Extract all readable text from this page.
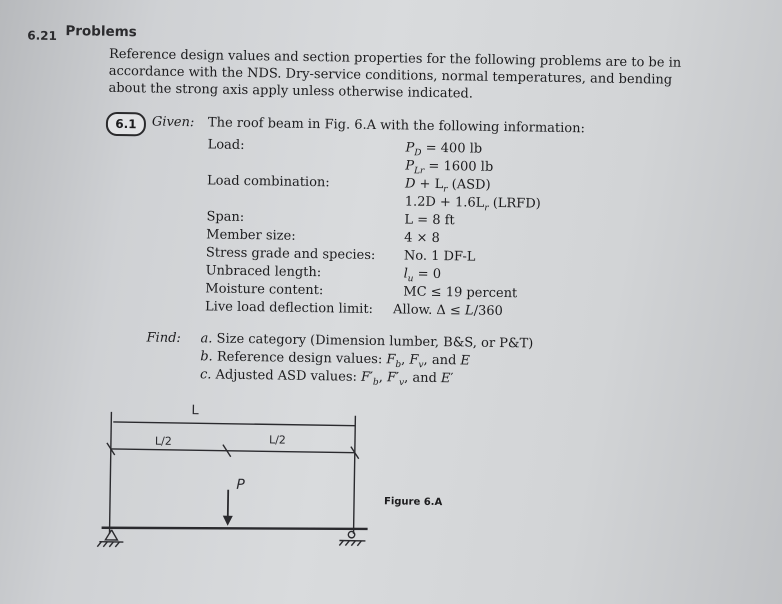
6.21 Problems
Reference design values and section properties for the following problems are to be in accordance with the NDS. Dry-service conditions, normal temperatures, and bending about the strong axis apply unless otherwise indicated.
6.1	Given: The roof beam in Fig. 6.A with the following information:
Load:	$P_D = 400$ lb
$P_{Lr} = 1600$ lb
Load combination:	$D + L_r$ (ASD)
$1.2D + 1.6L_r$ (LRFD)
Span:	L = 8 ft
Member size:	4 × 8
Stress grade and species: No. 1 DF-L
Unbraced length:	$l_u = 0$
Moisture content:	MC ≤ 19 percent
Live load deflection limit: Allow. Δ ≤ L/360
Find: a. Size category (Dimension lumber, B&S, or P&T)
b. Reference design values: $F_b$, $F_v$, and E
c. Adjusted ASD values: $F'_b$, $F'_v$, and E′
L
L/2	L/2
P
Figure 6.A
